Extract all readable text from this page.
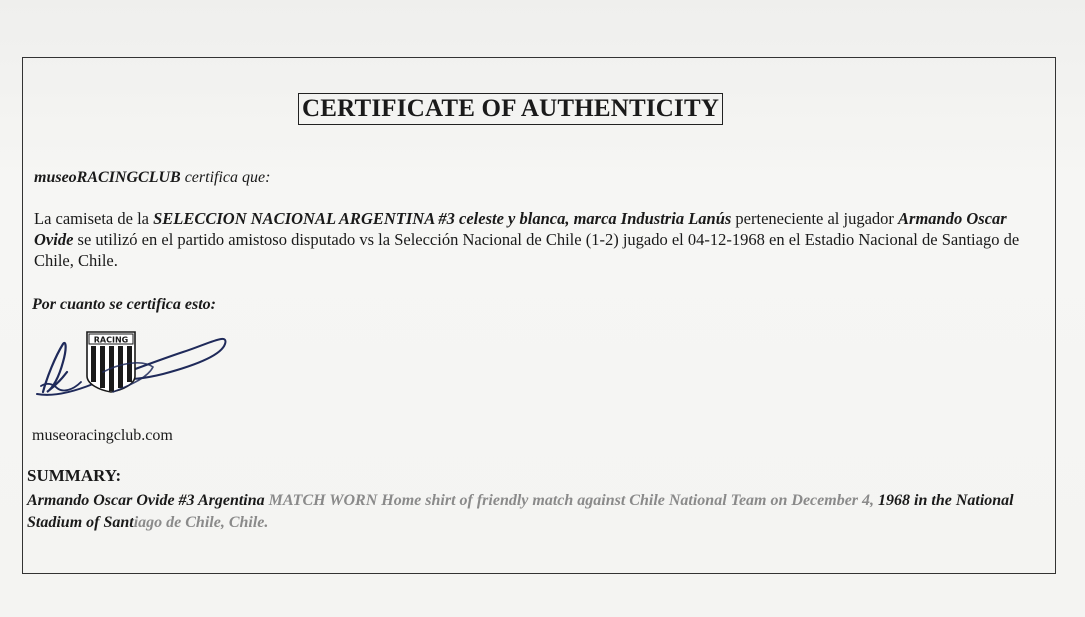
CERTIFICATE OF AUTHENTICITY
museoRACINGCLUB certifica que:
La camiseta de la SELECCION NACIONAL ARGENTINA #3 celeste y blanca, marca Industria Lanús perteneciente al jugador Armando Oscar Ovide se utilizó en el partido amistoso disputado vs la Selección Nacional de Chile (1-2) jugado el 04-12-1968 en el Estadio Nacional de Santiago de Chile, Chile.
Por cuanto se certifica esto:
RACING
museoracingclub.com
SUMMARY:
Armando Oscar Ovide #3 Argentina MATCH WORN Home shirt of friendly match against Chile National Team on December 4, 1968 in the National Stadium of Santiago de Chile, Chile.
